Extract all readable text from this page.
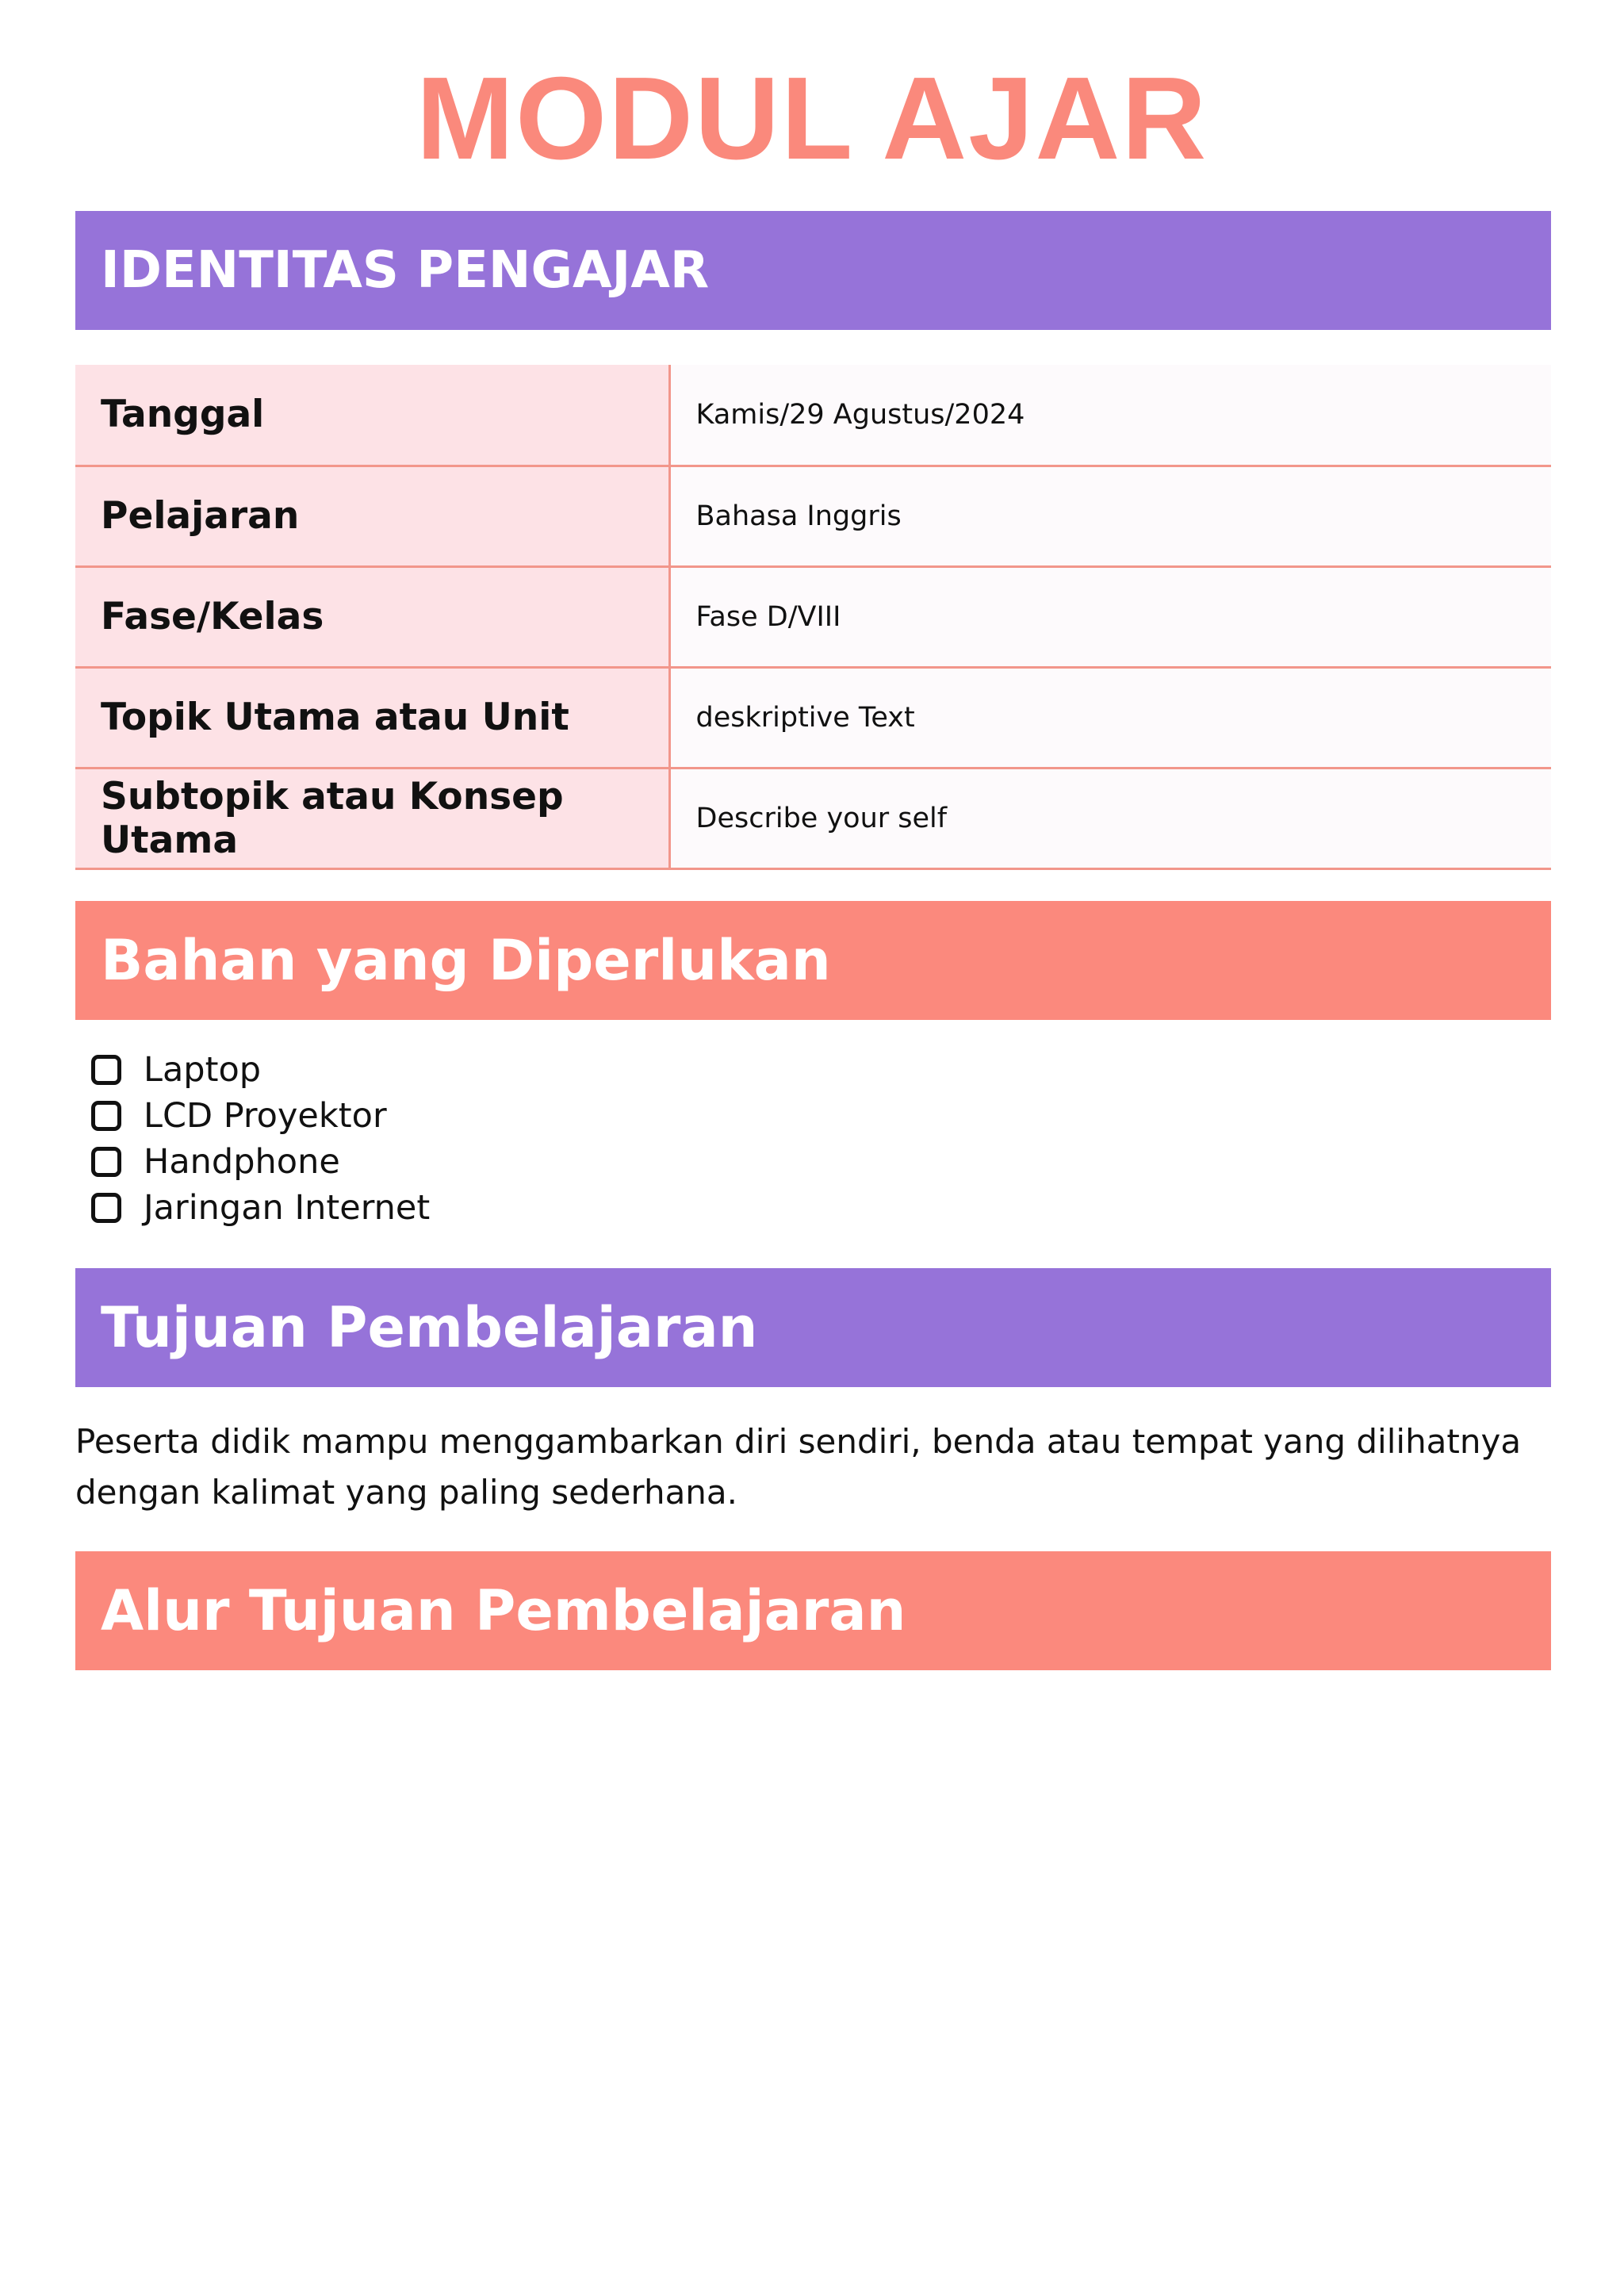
MODUL AJAR
IDENTITAS PENGAJAR
Tanggal	Kamis/29 Agustus/2024
Pelajaran	Bahasa Inggris
Fase/Kelas	Fase D/VIII
Topik Utama atau Unit	deskriptive Text
Subtopik atau Konsep Utama	Describe your self
Bahan yang Diperlukan
Laptop
LCD Proyektor
Handphone
Jaringan Internet
Tujuan Pembelajaran

Peserta didik mampu menggambarkan diri sendiri, benda atau tempat yang dilihatnya dengan kalimat yang paling sederhana.

Alur Tujuan Pembelajaran
